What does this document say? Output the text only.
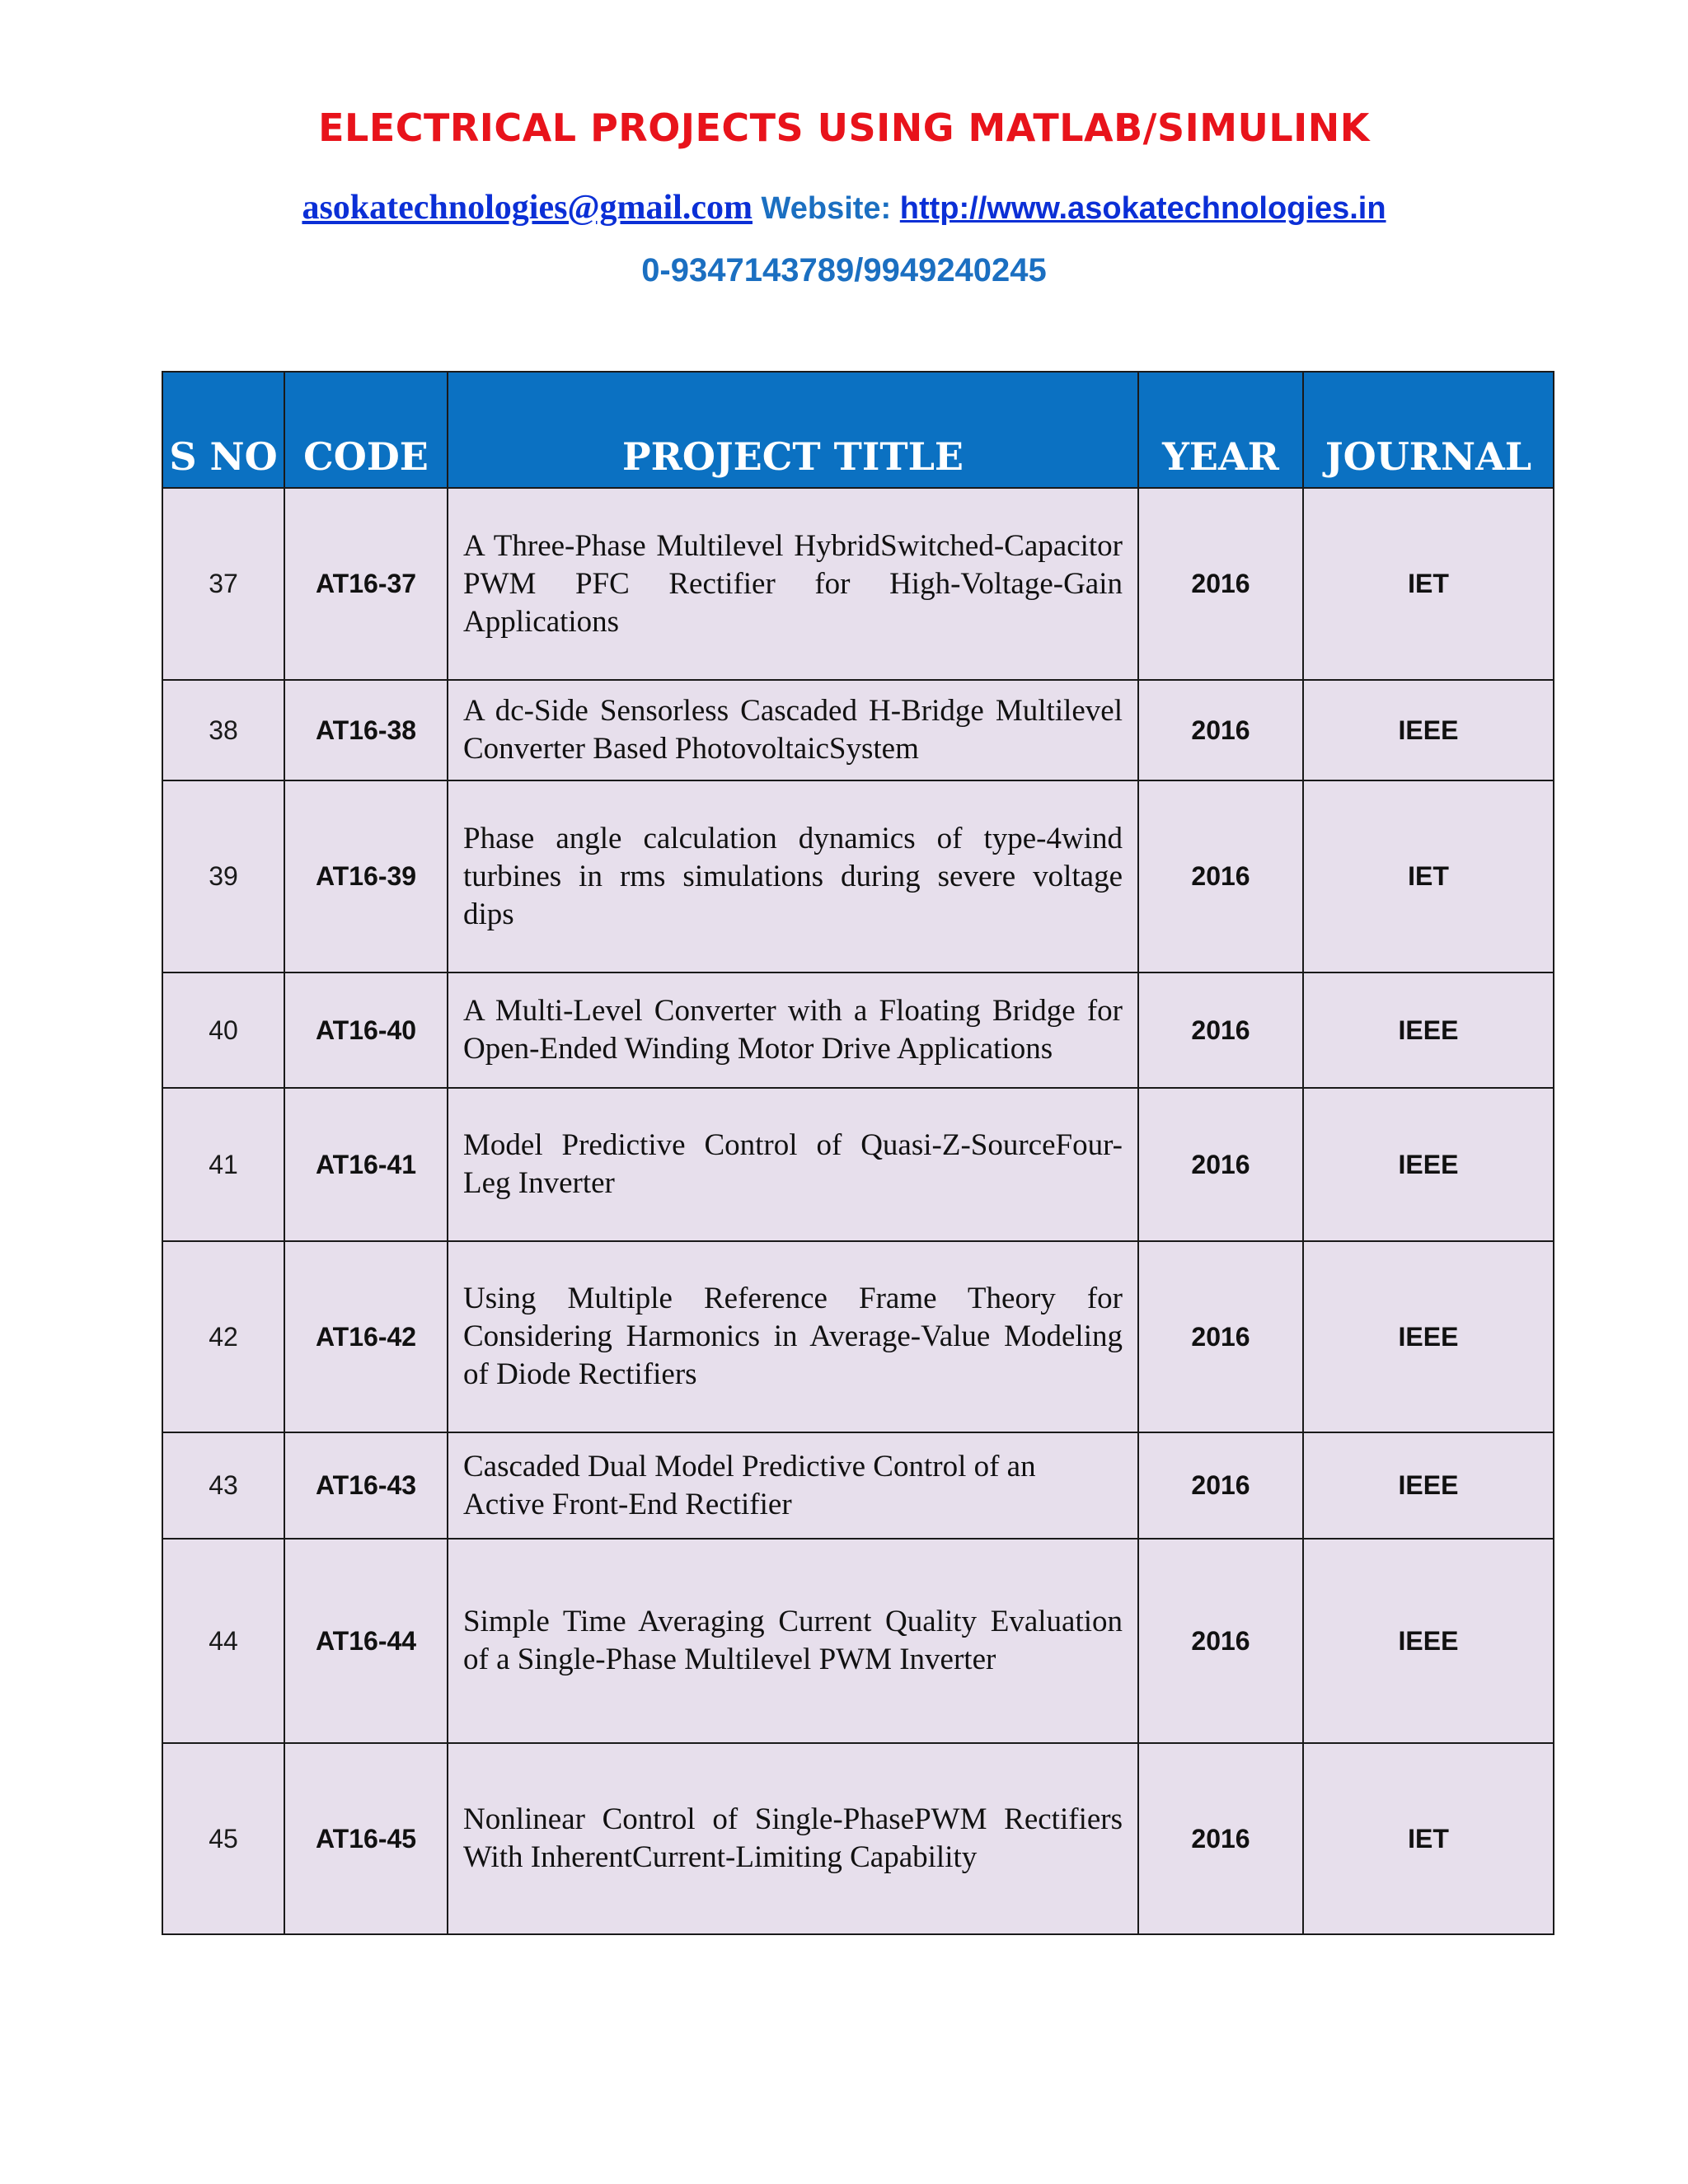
ELECTRICAL PROJECTS USING MATLAB/SIMULINK
asokatechnologies@gmail.com Website: http://www.asokatechnologies.in
0-9347143789/9949240245
S NO	CODE	PROJECT TITLE	YEAR	JOURNAL
37	AT16-37	A Three-Phase Multilevel HybridSwitched-Capacitor PWM PFC Rectifier for High-Voltage-Gain Applications	2016	IET
38	AT16-38	A dc-Side Sensorless Cascaded H-Bridge Multilevel Converter Based PhotovoltaicSystem	2016	IEEE
39	AT16-39	Phase angle calculation dynamics of type-4wind turbines in rms simulations during severe voltage dips	2016	IET
40	AT16-40	A Multi-Level Converter with a Floating Bridge for Open-Ended Winding Motor Drive Applications	2016	IEEE
41	AT16-41	Model Predictive Control of Quasi-Z-SourceFour-Leg Inverter	2016	IEEE
42	AT16-42	Using Multiple Reference Frame Theory for Considering Harmonics in Average-Value Modeling of Diode Rectifiers	2016	IEEE
43	AT16-43	Cascaded Dual Model Predictive Control of an Active Front-End Rectifier	2016	IEEE
44	AT16-44	Simple Time Averaging Current Quality Evaluation of a Single-Phase Multilevel PWM Inverter	2016	IEEE
45	AT16-45	Nonlinear Control of Single-PhasePWM Rectifiers With InherentCurrent-Limiting Capability	2016	IET
